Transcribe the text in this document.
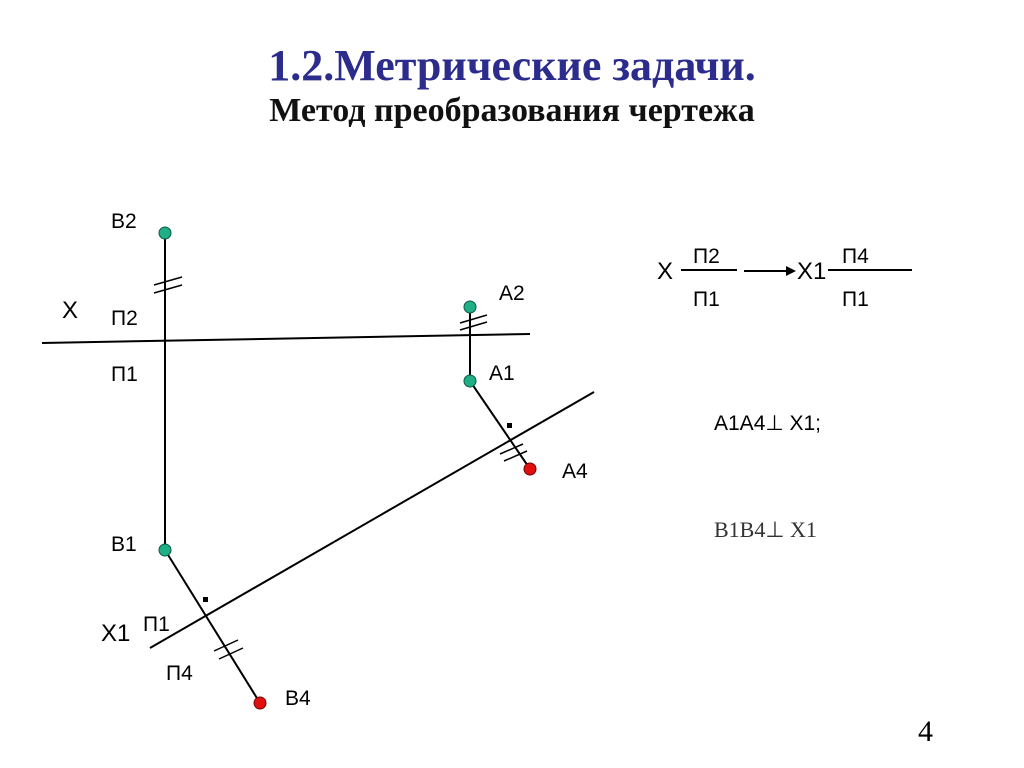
1.2.Метрические задачи.
Метод преобразования чертежа
B2
X П2
П1
B1
X1 П1
П4
B4
A2
A1
A4
X
П2
П1
X1
П4
П1
A1A4⊥ X1;
B1B4⊥ X1
4
